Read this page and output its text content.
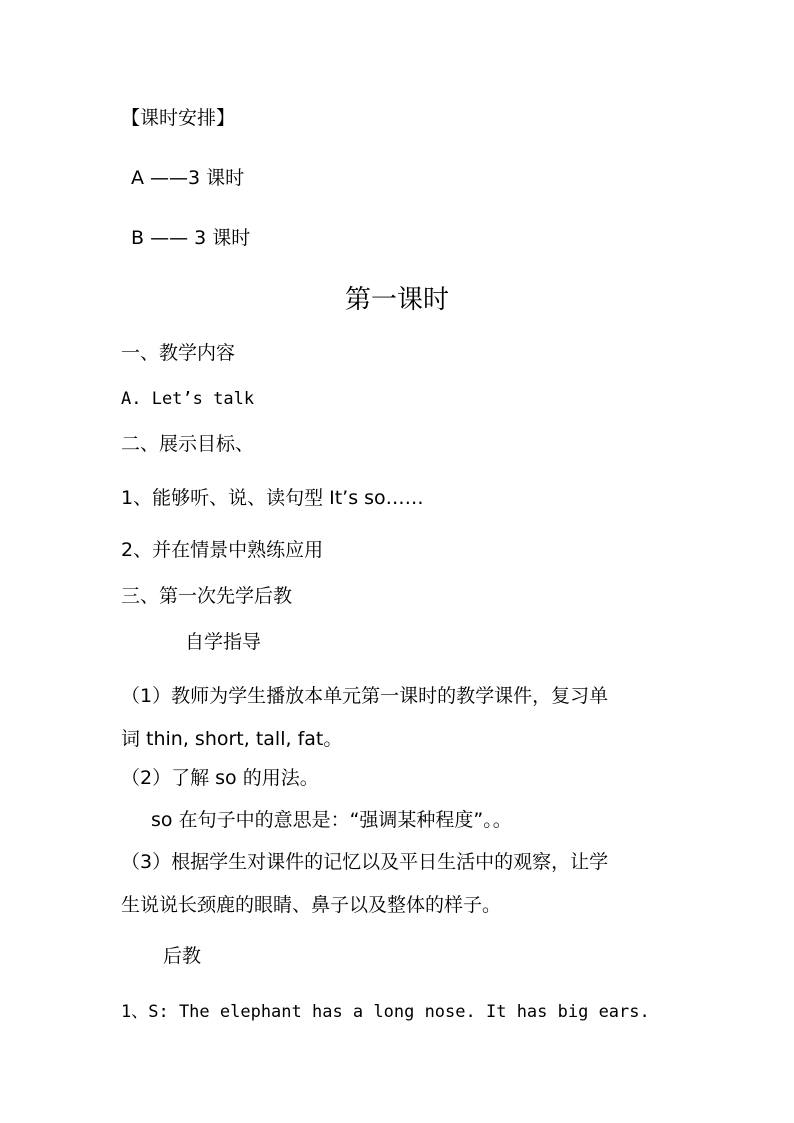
【课时安排】
A ——3 课时
B —— 3 课时
第一课时
一、教学内容
A. Let’s talk
二、展示目标、
1、能够听、说、读句型 It’s so……
2、并在情景中熟练应用
三、第一次先学后教
自学指导
（1）教师为学生播放本单元第一课时的教学课件，复习单
词 thin, short, tall, fat。
（2）了解 so 的用法。
so 在句子中的意思是：“强调某种程度”。。
（3）根据学生对课件的记忆以及平日生活中的观察，让学
生说说长颈鹿的眼睛、鼻子以及整体的样子。
后教
1、S: The elephant has a long nose. It has big ears.
